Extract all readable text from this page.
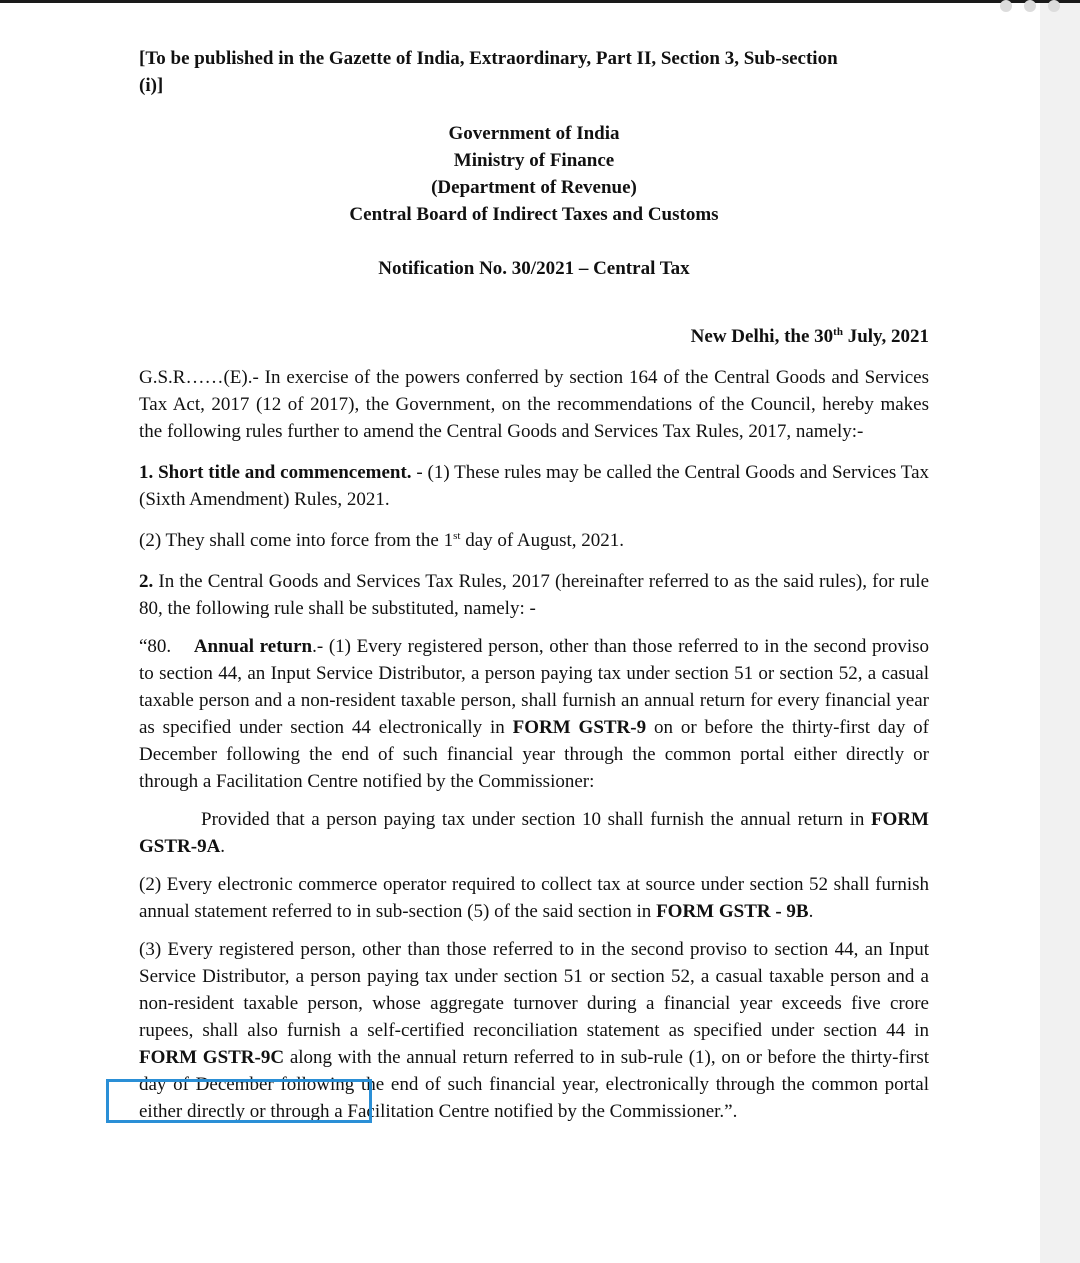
[To be published in the Gazette of India, Extraordinary, Part II, Section 3, Sub-section
(i)]

Government of India

Ministry of Finance

(Department of Revenue)

Central Board of Indirect Taxes and Customs

Notification No. 30/2021 – Central Tax

New Delhi, the 30th July, 2021

G.S.R……(E).- In exercise of the powers conferred by section 164 of the Central Goods and Services Tax Act, 2017 (12 of 2017), the Government, on the recommendations of the Council, hereby makes the following rules further to amend the Central Goods and Services Tax Rules, 2017, namely:-

1. Short title and commencement. - (1) These rules may be called the Central Goods and Services Tax (Sixth Amendment) Rules, 2021.

(2) They shall come into force from the 1st day of August, 2021.

2. In the Central Goods and Services Tax Rules, 2017 (hereinafter referred to as the said rules), for rule 80, the following rule shall be substituted, namely: -

“80. Annual return.- (1) Every registered person, other than those referred to in the second proviso to section 44, an Input Service Distributor, a person paying tax under section 51 or section 52, a casual taxable person and a non-resident taxable person, shall furnish an annual return for every financial year as specified under section 44 electronically in FORM GSTR-9 on or before the thirty-first day of December following the end of such financial year through the common portal either directly or through a Facilitation Centre notified by the Commissioner:

Provided that a person paying tax under section 10 shall furnish the annual return in FORM GSTR-9A.

(2) Every electronic commerce operator required to collect tax at source under section 52 shall furnish annual statement referred to in sub-section (5) of the said section in FORM GSTR - 9B.

(3) Every registered person, other than those referred to in the second proviso to section 44, an Input Service Distributor, a person paying tax under section 51 or section 52, a casual taxable person and a non-resident taxable person, whose aggregate turnover during a financial year exceeds five crore rupees, shall also furnish a self-certified reconciliation statement as specified under section 44 in FORM GSTR-9C along with the annual return referred to in sub-rule (1), on or before the thirty-first day of December following the end of such financial year, electronically through the common portal either directly or through a Facilitation Centre notified by the Commissioner.”.
